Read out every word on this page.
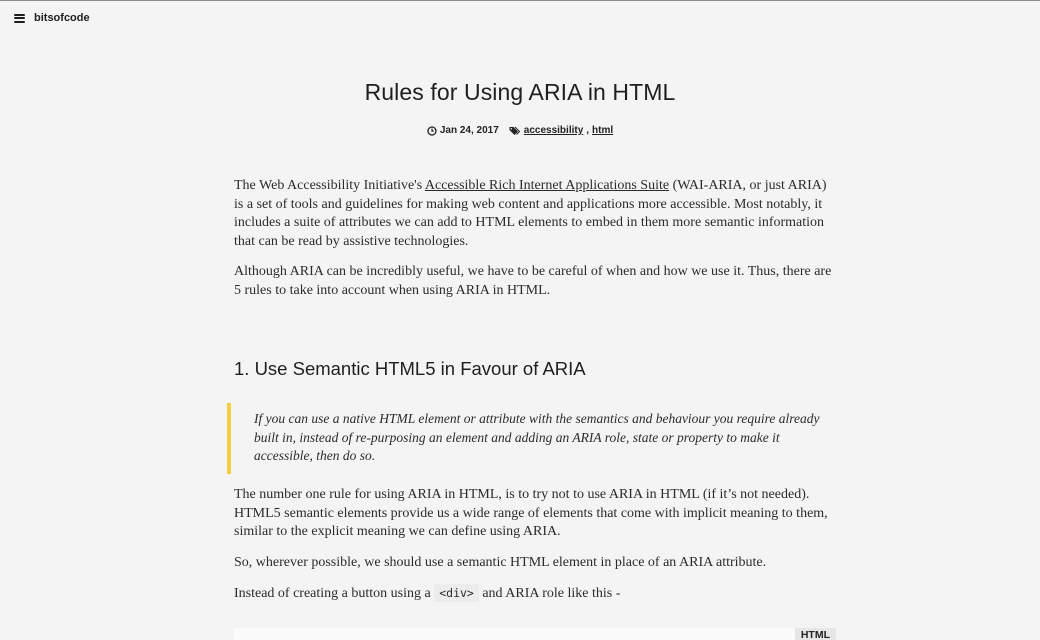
bitsofcode
Rules for Using ARIA in HTML
Jan 24, 2017	accessibility , html

The Web Accessibility Initiative's Accessible Rich Internet Applications Suite (WAI-ARIA, or just ARIA) is a set of tools and guidelines for making web content and applications more accessible. Most notably, it includes a suite of attributes we can add to HTML elements to embed in them more semantic information that can be read by assistive technologies.

Although ARIA can be incredibly useful, we have to be careful of when and how we use it. Thus, there are 5 rules to take into account when using ARIA in HTML.

1. Use Semantic HTML5 in Favour of ARIA
If you can use a native HTML element or attribute with the semantics and behaviour you require already built in, instead of re-purposing an element and adding an ARIA role, state or property to make it accessible, then do so.

The number one rule for using ARIA in HTML, is to try not to use ARIA in HTML (if it’s not needed). HTML5 semantic elements provide us a wide range of elements that come with implicit meaning to them, similar to the explicit meaning we can define using ARIA.

So, wherever possible, we should use a semantic HTML element in place of an ARIA attribute.

Instead of creating a button using a <div> and ARIA role like this -

HTML
